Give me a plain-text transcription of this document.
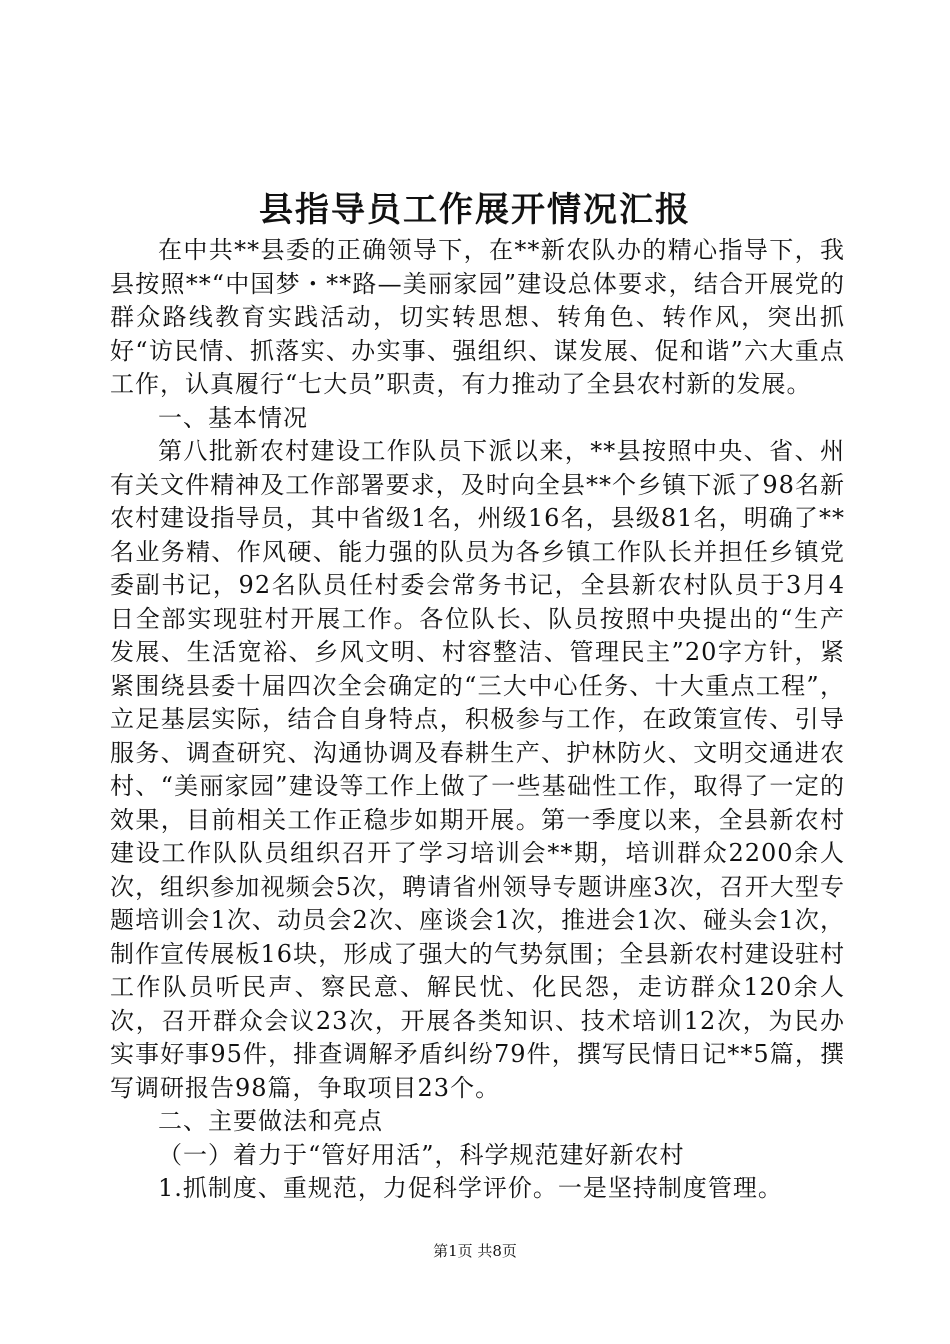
县指导员工作展开情况汇报

在中共**县委的正确领导下，在**新农队办的精心指导下，我县按照**“中国梦・**路—美丽家园”建设总体要求，结合开展党的群众路线教育实践活动，切实转思想、转角色、转作风，突出抓好“访民情、抓落实、办实事、强组织、谋发展、促和谐”六大重点工作，认真履行“七大员”职责，有力推动了全县农村新的发展。

一、基本情况

第八批新农村建设工作队员下派以来，**县按照中央、省、州有关文件精神及工作部署要求，及时向全县**个乡镇下派了98名新农村建设指导员，其中省级1名，州级16名，县级81名，明确了**名业务精、作风硬、能力强的队员为各乡镇工作队长并担任乡镇党委副书记，92名队员任村委会常务书记，全县新农村队员于3月4日全部实现驻村开展工作。各位队长、队员按照中央提出的“生产发展、生活宽裕、乡风文明、村容整洁、管理民主”20字方针，紧紧围绕县委十届四次全会确定的“三大中心任务、十大重点工程”，立足基层实际，结合自身特点，积极参与工作，在政策宣传、引导服务、调查研究、沟通协调及春耕生产、护林防火、文明交通进农村、“美丽家园”建设等工作上做了一些基础性工作，取得了一定的效果，目前相关工作正稳步如期开展。第一季度以来，全县新农村建设工作队队员组织召开了学习培训会**期，培训群众2200余人次，组织参加视频会5次，聘请省州领导专题讲座3次，召开大型专题培训会1次、动员会2次、座谈会1次，推进会1次、碰头会1次，制作宣传展板16块，形成了强大的气势氛围；全县新农村建设驻村工作队员听民声、察民意、解民忧、化民怨，走访群众120余人次，召开群众会议23次，开展各类知识、技术培训12次，为民办实事好事95件，排查调解矛盾纠纷79件，撰写民情日记**5篇，撰写调研报告98篇，争取项目23个。

二、主要做法和亮点

（一）着力于“管好用活”，科学规范建好新农村

1.抓制度、重规范，力促科学评价。一是坚持制度管理。

第1页 共8页
